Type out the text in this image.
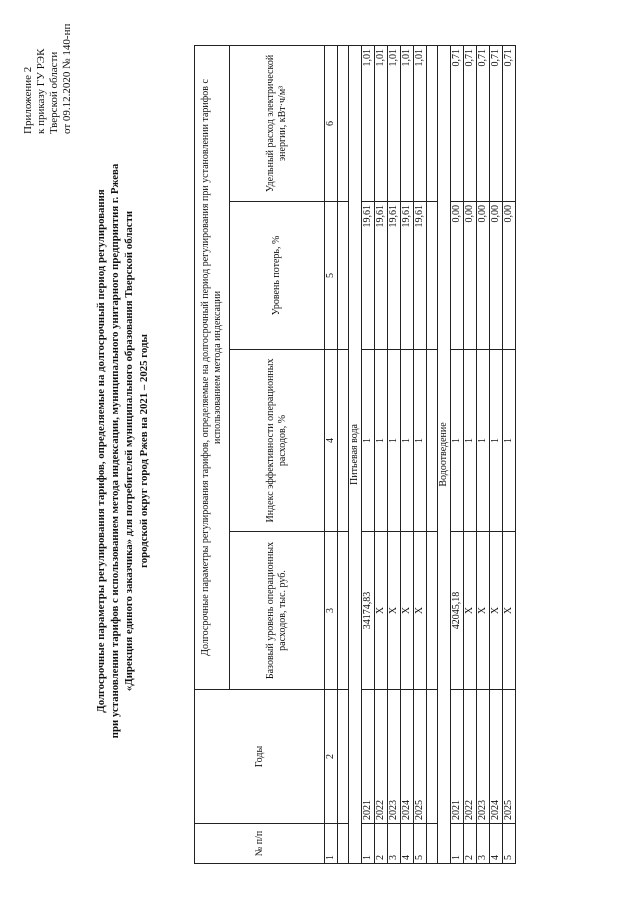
Приложение 2 к приказу ГУ РЭК Тверской области от 09.12.2020 № 140-нп
Долгосрочные параметры регулирования тарифов, определяемые на долгосрочный период регулирования при установлении тарифов с использованием метода индексации, муниципального унитарного предприятия г. Ржева «Дирекция единого заказчика» для потребителей муниципального образования Тверской области городской округ город Ржев на 2021 – 2025 годы
№ п/п	Годы	Долгосрочные параметры регулирования тарифов, определяемые на долгосрочный период регулирования при установлении тарифов с использованием метода индексации			
		Базовый уровень операционных расходов, тыс. руб.	Индекс эффективности операционных расходов, %	Уровень потерь, %	Удельный расход электрической энергии, кВт·ч/м³
1	2	3	4	5	6

Питьевая вода					
1	2021	34174,83	1	19,61	1,01
2	2022	X	1	19,61	1,01
3	2023	X	1	19,61	1,01
4	2024	X	1	19,61	1,01
5	2025	X	1	19,61	1,01

Водоотведение					
1	2021	42045,18	1	0,00	0,71
2	2022	X	1	0,00	0,71
3	2023	X	1	0,00	0,71
4	2024	X	1	0,00	0,71
5	2025	X	1	0,00	0,71
